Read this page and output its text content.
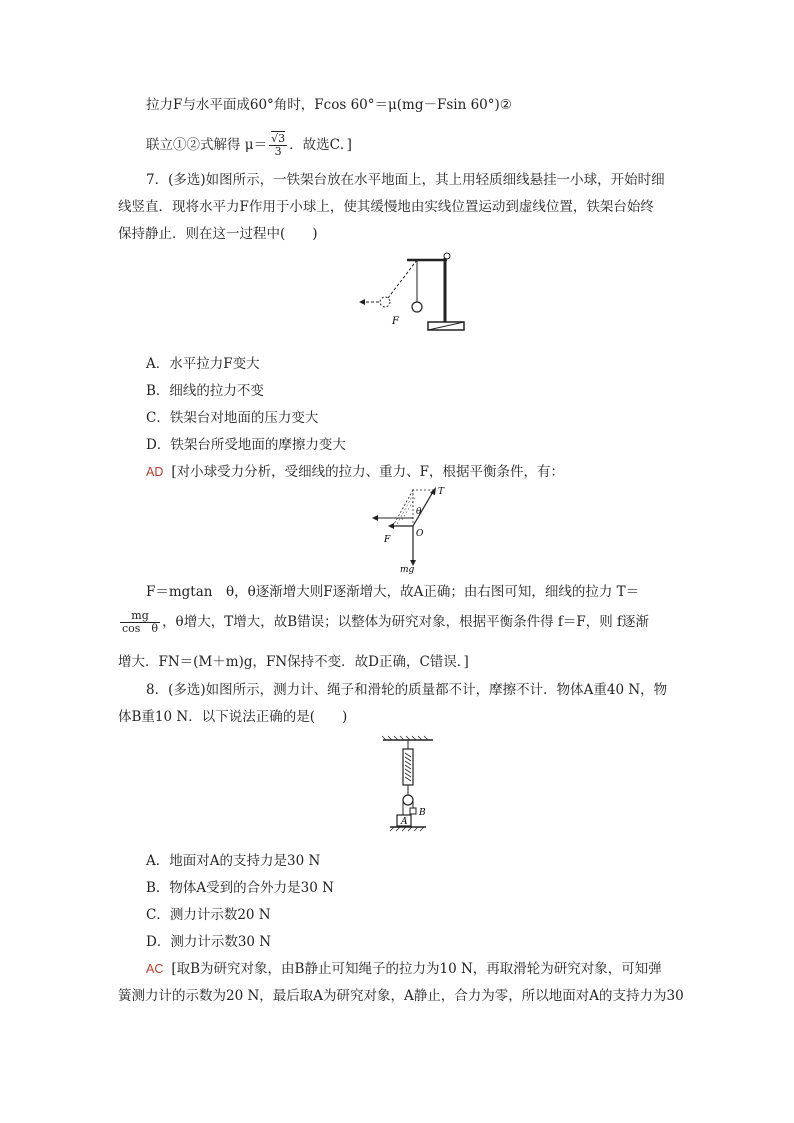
拉力F与水平面成60°角时，Fcos 60°＝μ(mg－Fsin 60°)②
联立①②式解得 $\mu= \frac{√3}{3}$ ．故选C．]
7．(多选)如图所示，一铁架台放在水平地面上，其上用轻质细线悬挂一小球，开始时细
线竖直．现将水平力F作用于小球上，使其缓慢地由实线位置运动到虚线位置，铁架台始终
保持静止．则在这一过程中(　　)
F
A．水平拉力F变大
B．细线的拉力不变
C．铁架台对地面的压力变大
D．铁架台所受地面的摩擦力变大
AD [对小球受力分析，受细线的拉力、重力、F，根据平衡条件，有：
T
θ
F
O
mg
F＝mgtan　θ，θ逐渐增大则F逐渐增大，故A正确；由右图可知，细线的拉力 T＝
$\frac{mg}{\text{cos　θ}}$ ，θ增大，T增大，故B错误；以整体为研究对象，根据平衡条件得 f＝F，则 f逐渐
增大．FN＝(M＋m)g，FN保持不变．故D正确，C错误．]
8．(多选)如图所示，测力计、绳子和滑轮的质量都不计，摩擦不计．物体A重40 N，物
体B重10 N．以下说法正确的是(　　)
B
A
A．地面对A的支持力是30 N
B．物体A受到的合外力是30 N
C．测力计示数20 N
D．测力计示数30 N
AC [取B为研究对象，由B静止可知绳子的拉力为10 N，再取滑轮为研究对象，可知弹
簧测力计的示数为20 N，最后取A为研究对象，A静止，合力为零，所以地面对A的支持力为30
